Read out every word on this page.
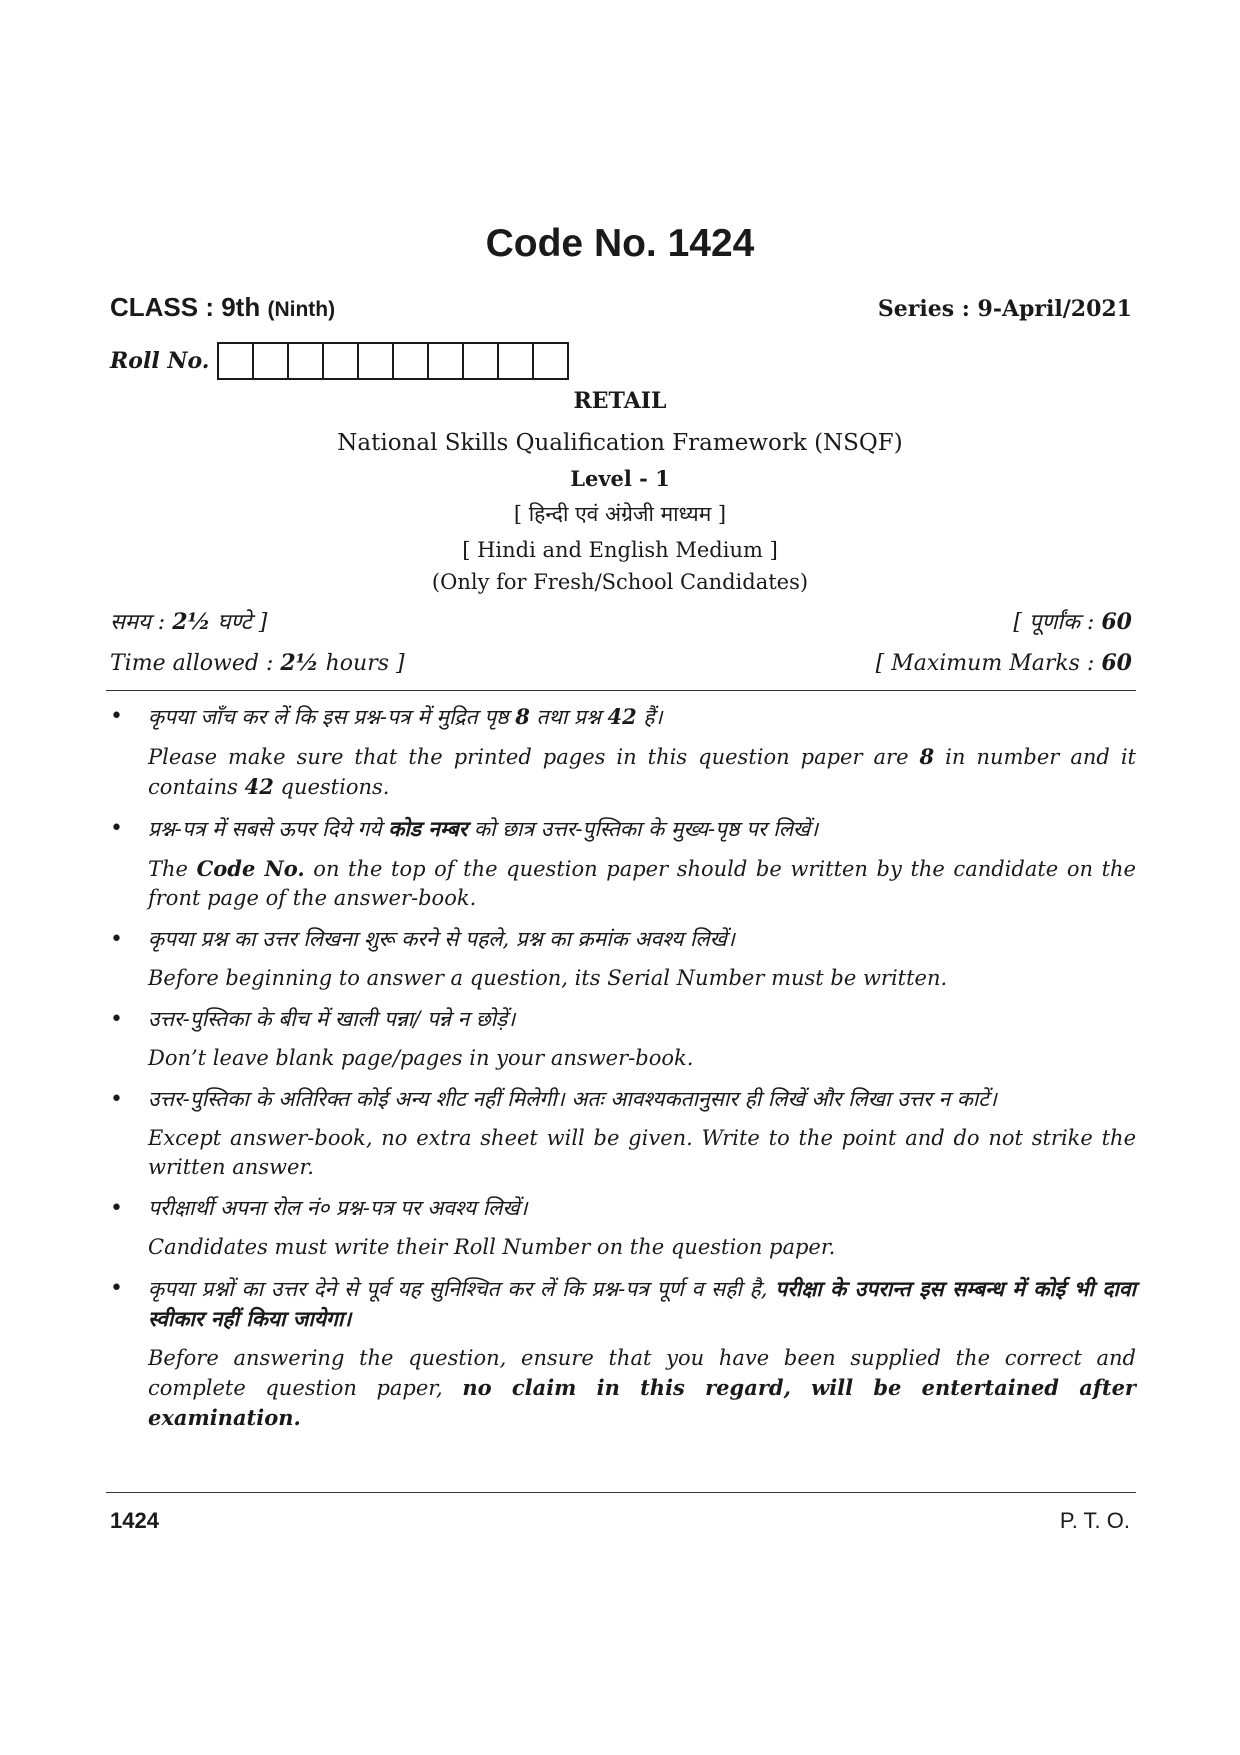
Code No. 1424
CLASS : 9th (Ninth)	Series : 9-April/2021
Roll No.
RETAIL
National Skills Qualification Framework (NSQF)
Level - 1
[ हिन्दी एवं अंग्रेजी माध्यम ]
[ Hindi and English Medium ]
(Only for Fresh/School Candidates)
समय : 2½ घण्टे ]	[ पूर्णांक : 60
Time allowed : 2½ hours ]	[ Maximum Marks : 60
• कृपया जाँच कर लें कि इस प्रश्न-पत्र में मुद्रित पृष्ठ 8 तथा प्रश्न 42 हैं।
Please make sure that the printed pages in this question paper are 8 in number and it contains 42 questions.
• प्रश्न-पत्र में सबसे ऊपर दिये गये कोड नम्बर को छात्र उत्तर-पुस्तिका के मुख्य-पृष्ठ पर लिखें।
The Code No. on the top of the question paper should be written by the candidate on the front page of the answer-book.
• कृपया प्रश्न का उत्तर लिखना शुरू करने से पहले, प्रश्न का क्रमांक अवश्य लिखें।
Before beginning to answer a question, its Serial Number must be written.
• उत्तर-पुस्तिका के बीच में खाली पन्ना/ पन्ने न छोड़ें।
Don’t leave blank page/pages in your answer-book.
• उत्तर-पुस्तिका के अतिरिक्त कोई अन्य शीट नहीं मिलेगी। अतः आवश्यकतानुसार ही लिखें और लिखा उत्तर न काटें।
Except answer-book, no extra sheet will be given. Write to the point and do not strike the written answer.
• परीक्षार्थी अपना रोल नं० प्रश्न-पत्र पर अवश्य लिखें।
Candidates must write their Roll Number on the question paper.
• कृपया प्रश्नों का उत्तर देने से पूर्व यह सुनिश्चित कर लें कि प्रश्न-पत्र पूर्ण व सही है, परीक्षा के उपरान्त इस सम्बन्ध में कोई भी दावा स्वीकार नहीं किया जायेगा।
Before answering the question, ensure that you have been supplied the correct and complete question paper, no claim in this regard, will be entertained after examination.
1424	P. T. O.
